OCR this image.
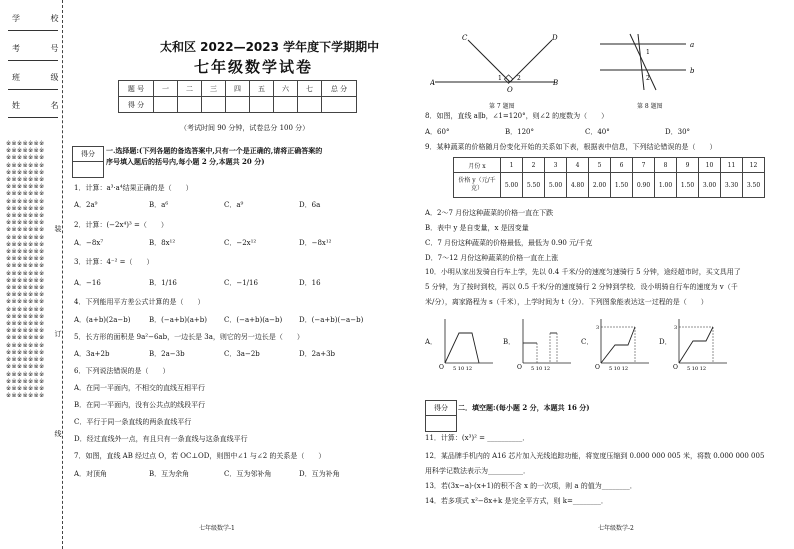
学 校
考 号
班 级
姓 名
※※※※※※※※※※※※※※※※※※※※※※※※※※※※※※※※※※※※※※※※※※※※※※※※※※※※※※※※※※※※※※※※※※※※※※※※※※※※※※※※※※※※※※※※※※※※※※※※※※※※※※※※※※※※※※※※※※※※※※※※※※※※※※※※※※※※※※※※※※※※※※※※※※※※※※※※※※※※※※※※※※※※※※※※※※※※※※※※※※※※※※※※※※※※※※※※※※※※※※※※※※※※※※※※※※※※※※※※※※※※※※※※※※※※※※※※※※※※※※※※※※※※※※※※※※※※
装
订
线
太和区 2022—2023 学年度下学期期中
七年级数学试卷
题 号	一	二	三	四	五	六	七	总 分
得 分								
（考试时间 90 分钟，试卷总分 100 分）
得分	一.选择题:(下列各题的备选答案中,只有一个是正确的,请将正确答案的
序号填入题后的括号内,每小题 2 分,本题共 20 分)
1．计算：a³·a⁴结果正确的是（　　）
A．2a⁹	B．a⁶	C．a⁹	D．6a
2．计算：(−2x⁴)³ =（　　）
A．−8x⁷	B．8x¹²	C．−2x¹²	D．−8x¹²
3．计算：4⁻² =（　　）
A．−16	B．1/16	C．−1/16	D．16
4．下列能用平方差公式计算的是（　　）
A．(a+b)(2a−b)	B．(−a+b)(a+b) C．(−a+b)(a−b) D．(−a+b)(−a−b)
5．长方形的面积是 9a²−6ab，一边长是 3a，则它的另一边长是（　　）
A．3a+2b	B．2a−3b	C．3a−2b	D．2a+3b
6．下列说法错误的是（　　）
A．在同一平面内，不相交的直线互相平行
B．在同一平面内，没有公共点的线段平行
C．平行于同一条直线的两条直线平行
D．经过直线外一点，有且只有一条直线与这条直线平行
7．如图，直线 AB 经过点 O，若 OC⊥OD，则图中∠1 与∠2 的关系是（　　）
A．对顶角	B．互为余角	C．互为邻补角	D．互为补角
七年级数学-1
C	D
A	B
O
1	2
第 7 题图
a
b
1
2
第 8 题图
8．如图，直线 a∥b，∠1=120°，则∠2 的度数为（　　）
A．60°	B．120°	C．40°	D．30°
9．某种蔬菜的价格随月份变化开始的关系如下表，根据表中信息，下列结论错误的是（　　）
月份 x	1	2	3	4	5	6	7	8	9	10	11	12
价格 y（元/千克）	5.00	5.50	5.00	4.80	2.00	1.50	0.90	1.00	1.50	3.00	3.30	3.50
A．2～7 月份这种蔬菜的价格一直在下跌
B．表中 y 是自变量，x 是因变量
C．7 月份这种蔬菜的价格最低，最低为 0.90 元/千克
D．7～12 月份这种蔬菜的价格一直在上涨
10．小明从家出发骑自行车上学，先以 0.4 千米/分的速度匀速骑行 5 分钟，途经超市时，买文具用了
5 分钟，为了按时到校，再以 0.5 千米/分的速度骑行 2 分钟到学校．设小明骑自行车的速度为 v（千
米/分），离家路程为 s（千米），上学时间为 t（分）．下列图象能表达这一过程的是（　　）
A．
O 5 10 12
B．
O 5 10 12
C．
3
O 5 10 12
D．
3
O 5 10 12
得分	二．填空题:(每小题 2 分，本题共 16 分)
11．计算：(x³)² = __________．
12．某品牌手机内的 A16 芯片加入光线追踪功能，将宽度压缩到 0.000 000 005 米，将数 0.000 000 005
用科学记数法表示为__________．
13．若(3x−a)·(x+1)的积不含 x 的一次项，则 a 的值为________．
14．若多项式 x²−8x+k 是完全平方式，则 k=________．
七年级数学-2
